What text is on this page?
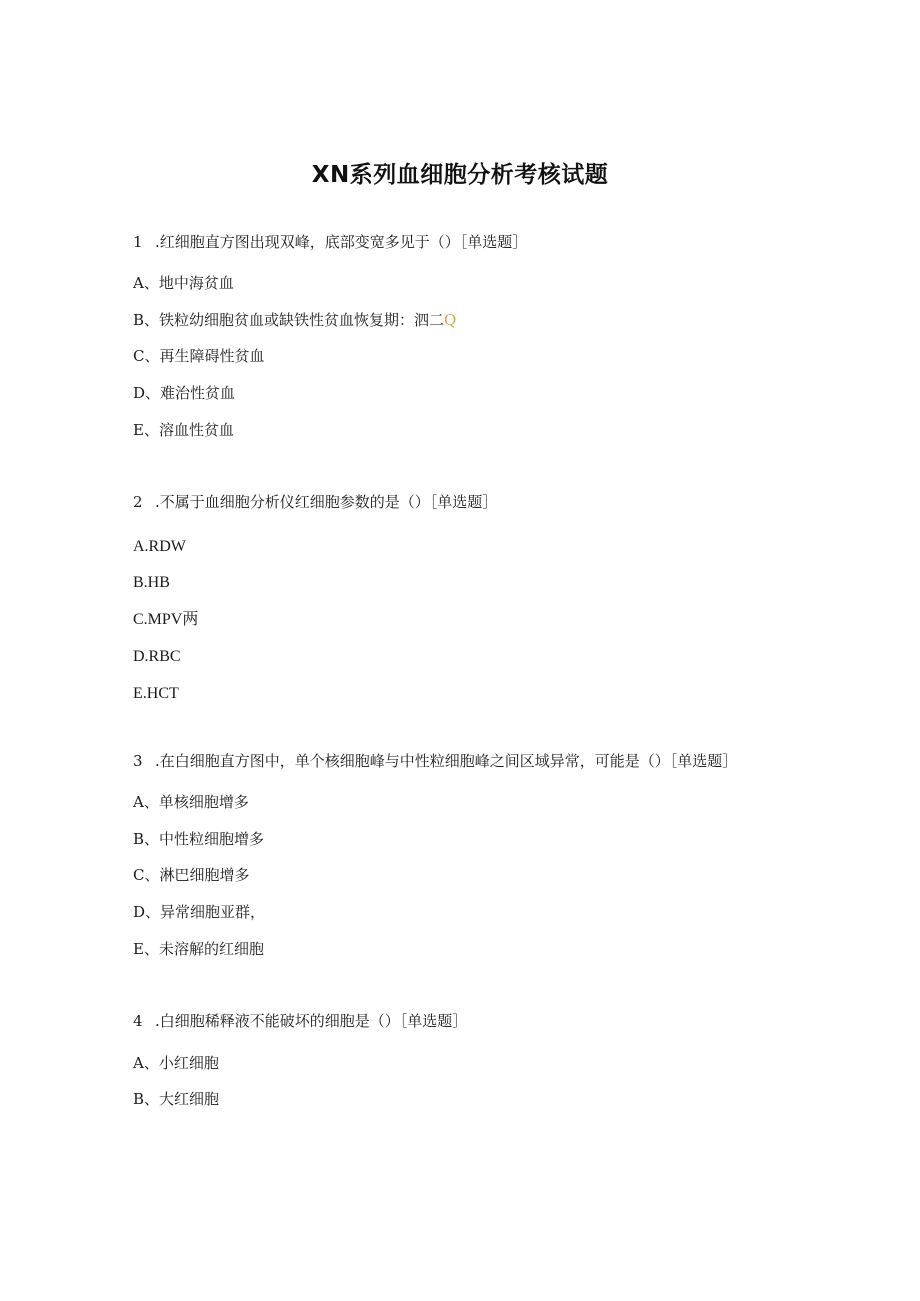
XN系列血细胞分析考核试题
1 .红细胞直方图出现双峰，底部变宽多见于（）［单选题］
A、地中海贫血
B、铁粒幼细胞贫血或缺铁性贫血恢复期：泗二Q
C、再生障碍性贫血
D、难治性贫血
E、溶血性贫血
2 .不属于血细胞分析仪红细胞参数的是（）［单选题］
A.RDW
B.HB
C.MPV两
D.RBC
E.HCT
3 .在白细胞直方图中，单个核细胞峰与中性粒细胞峰之间区域异常，可能是（）［单选题］
A、单核细胞增多
B、中性粒细胞增多
C、淋巴细胞增多
D、异常细胞亚群，
E、未溶解的红细胞
4 .白细胞稀释液不能破坏的细胞是（）［单选题］
A、小红细胞
B、大红细胞
